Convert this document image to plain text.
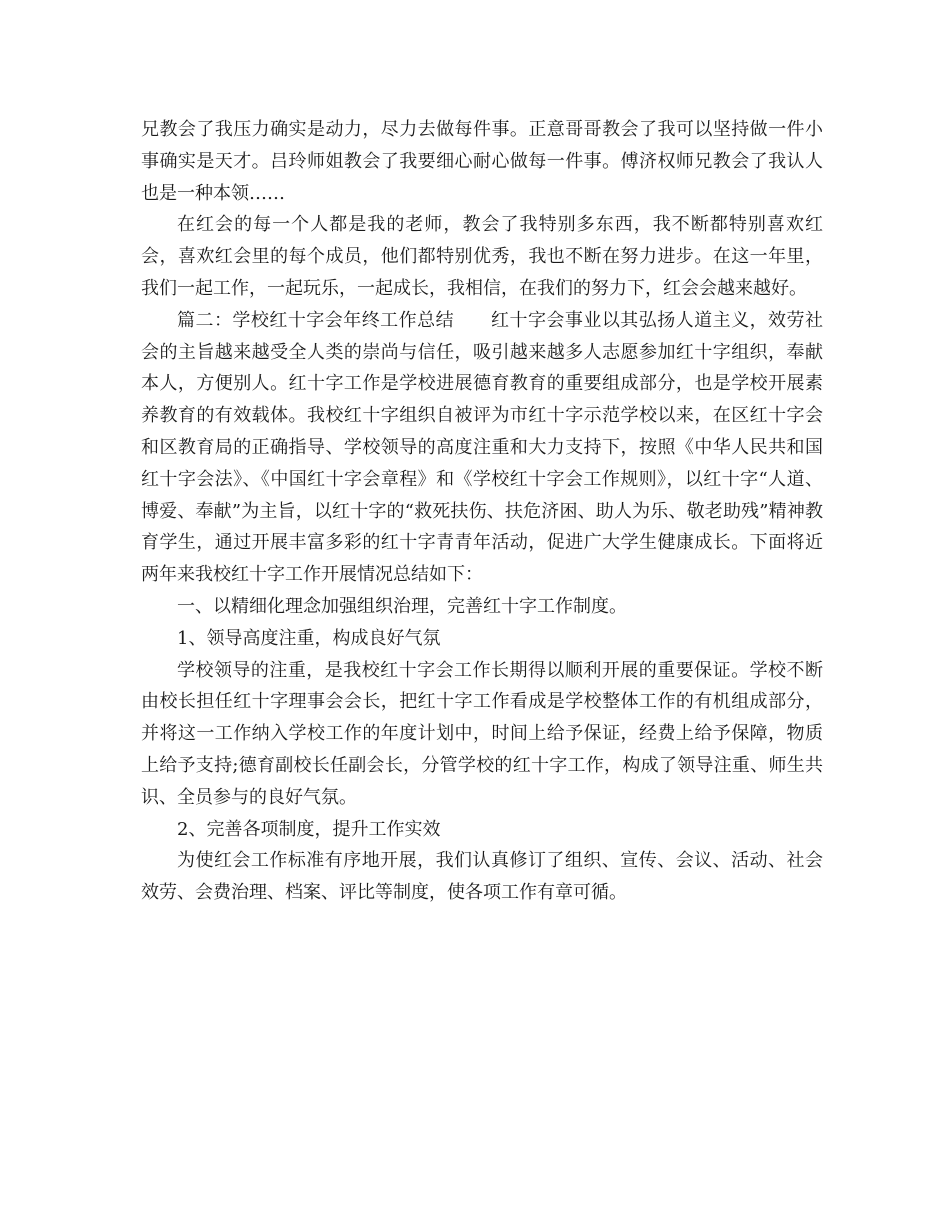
兄教会了我压力确实是动力，尽力去做每件事。正意哥哥教会了我可以坚持做一件小事确实是天才。吕玲师姐教会了我要细心耐心做每一件事。傅济权师兄教会了我认人也是一种本领……

在红会的每一个人都是我的老师，教会了我特别多东西，我不断都特别喜欢红会，喜欢红会里的每个成员，他们都特别优秀，我也不断在努力进步。在这一年里，我们一起工作，一起玩乐，一起成长，我相信，在我们的努力下，红会会越来越好。

篇二：学校红十字会年终工作总结　　红十字会事业以其弘扬人道主义，效劳社会的主旨越来越受全人类的崇尚与信任，吸引越来越多人志愿参加红十字组织，奉献本人，方便别人。红十字工作是学校进展德育教育的重要组成部分，也是学校开展素养教育的有效载体。我校红十字组织自被评为市红十字示范学校以来，在区红十字会和区教育局的正确指导、学校领导的高度注重和大力支持下，按照《中华人民共和国红十字会法》、《中国红十字会章程》和《学校红十字会工作规则》，以红十字“人道、博爱、奉献”为主旨，以红十字的“救死扶伤、扶危济困、助人为乐、敬老助残”精神教育学生，通过开展丰富多彩的红十字青青年活动，促进广大学生健康成长。下面将近两年来我校红十字工作开展情况总结如下：

一、以精细化理念加强组织治理，完善红十字工作制度。

1、领导高度注重，构成良好气氛

学校领导的注重，是我校红十字会工作长期得以顺利开展的重要保证。学校不断由校长担任红十字理事会会长，把红十字工作看成是学校整体工作的有机组成部分，并将这一工作纳入学校工作的年度计划中，时间上给予保证，经费上给予保障，物质上给予支持;德育副校长任副会长，分管学校的红十字工作，构成了领导注重、师生共识、全员参与的良好气氛。

2、完善各项制度，提升工作实效

为使红会工作标准有序地开展，我们认真修订了组织、宣传、会议、活动、社会效劳、会费治理、档案、评比等制度，使各项工作有章可循。
